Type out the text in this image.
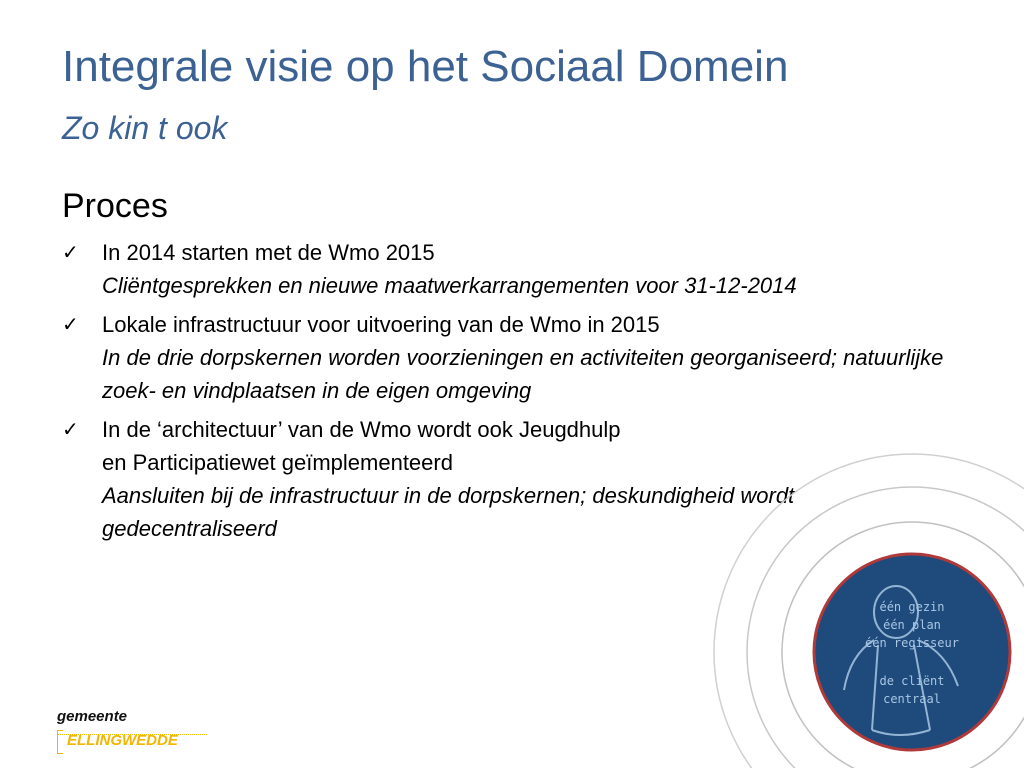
Integrale visie op het Sociaal Domein
Zo kin t ook
Proces
✓ In 2014 starten met de Wmo 2015
Cliëntgesprekken en nieuwe maatwerkarrangementen voor 31-12-2014
✓ Lokale infrastructuur voor uitvoering van de Wmo in 2015
In de drie dorpskernen worden voorzieningen en activiteiten georganiseerd; natuurlijke zoek- en vindplaatsen in de eigen omgeving
✓ In de ‘architectuur’ van de Wmo wordt ook Jeugdhulp
en Participatiewet geïmplementeerd
Aansluiten bij de infrastructuur in de dorpskernen; deskundigheid wordt gedecentraliseerd
één gezin
één plan
één regisseur
de cliënt
centraal
gemeente
ELLINGWEDDE
